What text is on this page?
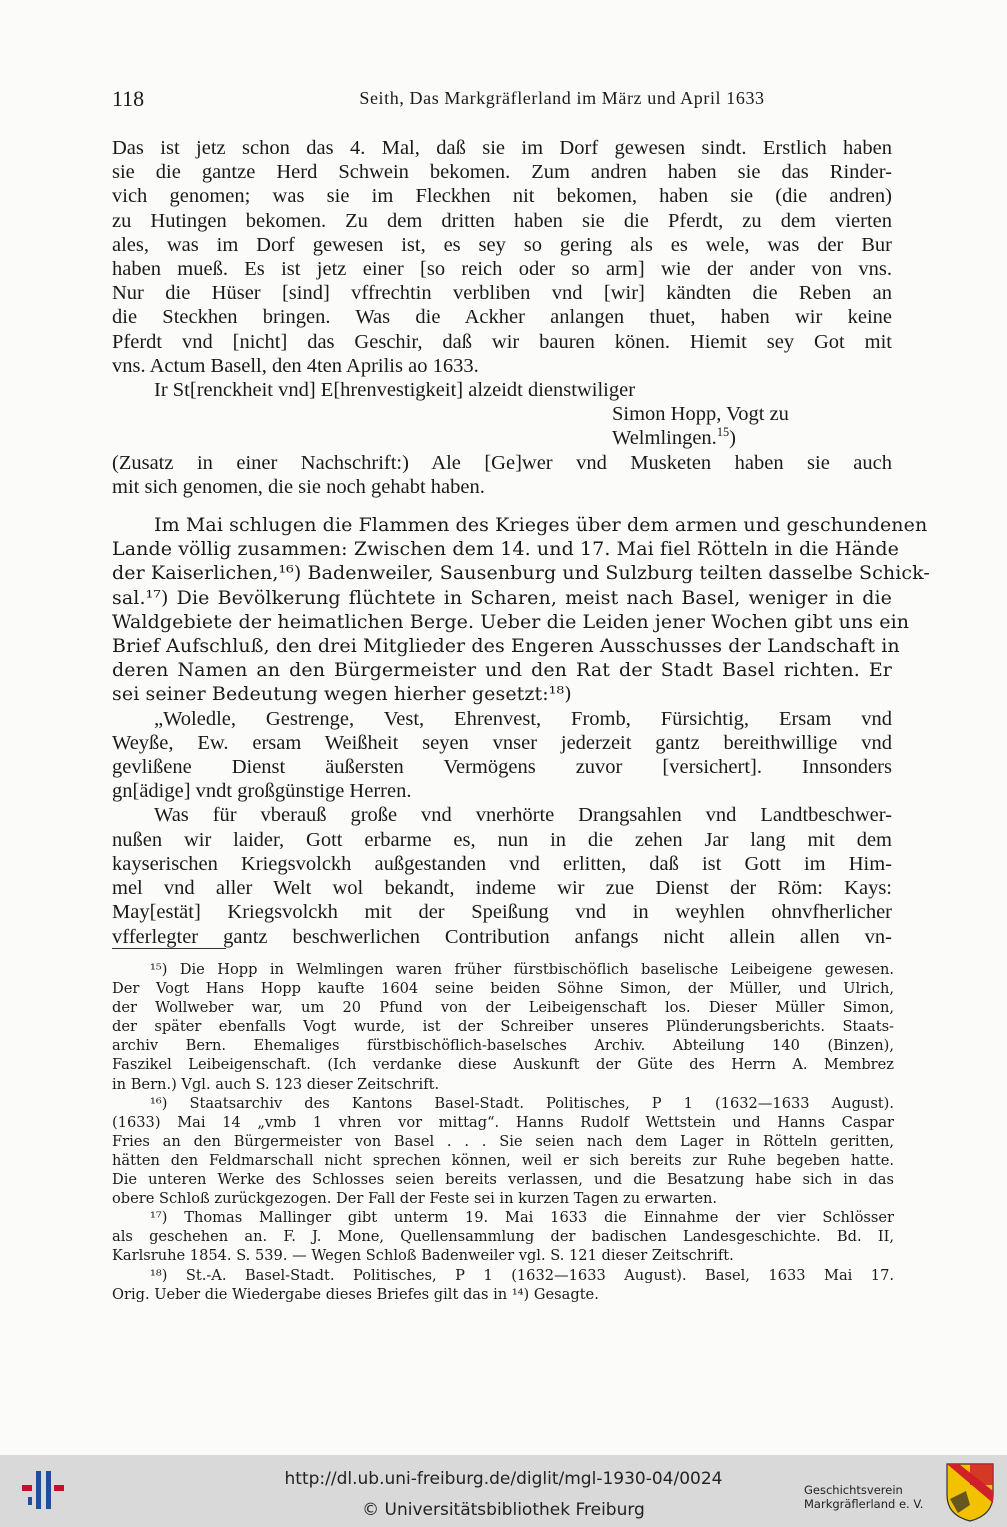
118	Seith, Das Markgräflerland im März und April 1633
Das ist jetz schon das 4. Mal, daß sie im Dorf gewesen sindt. Erstlich haben
sie die gantze Herd Schwein bekomen. Zum andren haben sie das Rinder-
vich genomen; was sie im Fleckhen nit bekomen, haben sie (die andren)
zu Hutingen bekomen. Zu dem dritten haben sie die Pferdt, zu dem vierten
ales, was im Dorf gewesen ist, es sey so gering als es wele, was der Bur
haben mueß. Es ist jetz einer [so reich oder so arm] wie der ander von vns.
Nur die Hüser [sind] vffrechtin verbliben vnd [wir] kändten die Reben an
die Steckhen bringen. Was die Ackher anlangen thuet, haben wir keine
Pferdt vnd [nicht] das Geschir, daß wir bauren könen. Hiemit sey Got mit
vns. Actum Basell, den 4ten Aprilis ao 1633.
Ir St[renckheit vnd] E[hrenvestigkeit] alzeidt dienstwiliger
Simon Hopp, Vogt zu
Welmlingen.$^{15}$)
(Zusatz in einer Nachschrift:) Ale [Ge]wer vnd Musketen haben sie auch
mit sich genomen, die sie noch gehabt haben.
Im Mai schlugen die Flammen des Krieges über dem armen und geschundenen
Lande völlig zusammen: Zwischen dem 14. und 17. Mai fiel Rötteln in die Hände
der Kaiserlichen,¹⁶) Badenweiler, Sausenburg und Sulzburg teilten dasselbe Schick-
sal.¹⁷) Die Bevölkerung flüchtete in Scharen, meist nach Basel, weniger in die
Waldgebiete der heimatlichen Berge. Ueber die Leiden jener Wochen gibt uns ein
Brief Aufschluß, den drei Mitglieder des Engeren Ausschusses der Landschaft in
deren Namen an den Bürgermeister und den Rat der Stadt Basel richten. Er
sei seiner Bedeutung wegen hierher gesetzt:¹⁸)
„Woledle, Gestrenge, Vest, Ehrenvest, Fromb, Fürsichtig, Ersam vnd
Weyße, Ew. ersam Weißheit seyen vnser jederzeit gantz bereithwillige vnd
gevlißene Dienst äußersten Vermögens zuvor [versichert]. Innsonders
gn[ädige] vndt großgünstige Herren.
Was für vberauß große vnd vnerhörte Drangsahlen vnd Landtbeschwer-
nußen wir laider, Gott erbarme es, nun in die zehen Jar lang mit dem
kayserischen Kriegsvolckh außgestanden vnd erlitten, daß ist Gott im Him-
mel vnd aller Welt wol bekandt, indeme wir zue Dienst der Röm: Kays:
May[estät] Kriegsvolckh mit der Speißung vnd in weyhlen ohnvfherlicher
vfferlegter gantz beschwerlichen Contribution anfangs nicht allein allen vn-
¹⁵) Die Hopp in Welmlingen waren früher fürstbischöflich baselische Leibeigene gewesen.
Der Vogt Hans Hopp kaufte 1604 seine beiden Söhne Simon, der Müller, und Ulrich,
der Wollweber war, um 20 Pfund von der Leibeigenschaft los. Dieser Müller Simon,
der später ebenfalls Vogt wurde, ist der Schreiber unseres Plünderungsberichts. Staats-
archiv Bern. Ehemaliges fürstbischöflich-baselsches Archiv. Abteilung 140 (Binzen),
Faszikel Leibeigenschaft. (Ich verdanke diese Auskunft der Güte des Herrn A. Membrez
in Bern.) Vgl. auch S. 123 dieser Zeitschrift.
¹⁶) Staatsarchiv des Kantons Basel-Stadt. Politisches, P 1 (1632—1633 August).
(1633) Mai 14 „vmb 1 vhren vor mittag“. Hanns Rudolf Wettstein und Hanns Caspar
Fries an den Bürgermeister von Basel . . . Sie seien nach dem Lager in Rötteln geritten,
hätten den Feldmarschall nicht sprechen können, weil er sich bereits zur Ruhe begeben hatte.
Die unteren Werke des Schlosses seien bereits verlassen, und die Besatzung habe sich in das
obere Schloß zurückgezogen. Der Fall der Feste sei in kurzen Tagen zu erwarten.
¹⁷) Thomas Mallinger gibt unterm 19. Mai 1633 die Einnahme der vier Schlösser
als geschehen an. F. J. Mone, Quellensammlung der badischen Landesgeschichte. Bd. II,
Karlsruhe 1854. S. 539. — Wegen Schloß Badenweiler vgl. S. 121 dieser Zeitschrift.
¹⁸) St.-A. Basel-Stadt. Politisches, P 1 (1632—1633 August). Basel, 1633 Mai 17.
Orig. Ueber die Wiedergabe dieses Briefes gilt das in ¹⁴) Gesagte.
http://dl.ub.uni-freiburg.de/diglit/mgl-1930-04/0024
© Universitätsbibliothek Freiburg
Geschichtsverein
Markgräflerland e. V.
